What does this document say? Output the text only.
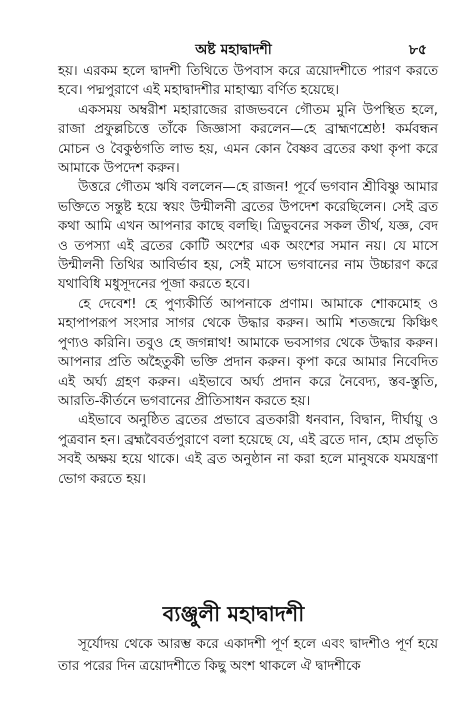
অষ্ট মহাদ্বাদশী	৮৫

হয়। এরকম হলে দ্বাদশী তিথিতে উপবাস করে ত্রয়োদশীতে পারণ করতে হবে। পদ্মপুরাণে এই মহাদ্বাদশীর মাহাত্ম্য বর্ণিত হয়েছে।

একসময় অম্বরীশ মহারাজের রাজভবনে গৌতম মুনি উপস্থিত হলে, রাজা প্রফুল্লচিত্তে তাঁকে জিজ্ঞাসা করলেন—হে ব্রাহ্মণশ্রেষ্ঠ! কর্মবন্ধন মোচন ও বৈকুণ্ঠগতি লাভ হয়, এমন কোন বৈষ্ণব ব্রতের কথা কৃপা করে আমাকে উপদেশ করুন।

উত্তরে গৌতম ঋষি বললেন—হে রাজন! পূর্বে ভগবান শ্রীবিষ্ণু আমার ভক্তিতে সন্তুষ্ট হয়ে স্বয়ং উন্মীলনী ব্রতের উপদেশ করেছিলেন। সেই ব্রত কথা আমি এখন আপনার কাছে বলছি। ত্রিভুবনের সকল তীর্থ, যজ্ঞ, বেদ ও তপস্যা এই ব্রতের কোটি অংশের এক অংশের সমান নয়। যে মাসে উন্মীলনী তিথির আবির্ভাব হয়, সেই মাসে ভগবানের নাম উচ্চারণ করে যথাবিধি মধুসূদনের পূজা করতে হবে।

হে দেবেশ! হে পুণ্যকীর্তি আপনাকে প্রণাম। আমাকে শোকমোহ ও মহাপাপরূপ সংসার সাগর থেকে উদ্ধার করুন। আমি শতজন্মে কিঞ্চিৎ পুণ্যও করিনি। তবুও হে জগন্নাথ! আমাকে ভবসাগর থেকে উদ্ধার করুন। আপনার প্রতি অহৈতুকী ভক্তি প্রদান করুন। কৃপা করে আমার নিবেদিত এই অর্ঘ্য গ্রহণ করুন। এইভাবে অর্ঘ্য প্রদান করে নৈবেদ্য, স্তব-স্তুতি, আরতি-কীর্তনে ভগবানের প্রীতিসাধন করতে হয়।

এইভাবে অনুষ্ঠিত ব্রতের প্রভাবে ব্রতকারী ধনবান, বিদ্বান, দীর্ঘায়ু ও পুত্রবান হন। ব্রহ্মবৈবর্তপুরাণে বলা হয়েছে যে, এই ব্রতে দান, হোম প্রভৃতি সবই অক্ষয় হয়ে থাকে। এই ব্রত অনুষ্ঠান না করা হলে মানুষকে যমযন্ত্রণা ভোগ করতে হয়।

ব্যঞ্জুলী মহাদ্বাদশী

সূর্যোদয় থেকে আরম্ভ করে একাদশী পূর্ণ হলে এবং দ্বাদশীও পূর্ণ হয়ে তার পরের দিন ত্রয়োদশীতে কিছু অংশ থাকলে ঐ দ্বাদশীকে
